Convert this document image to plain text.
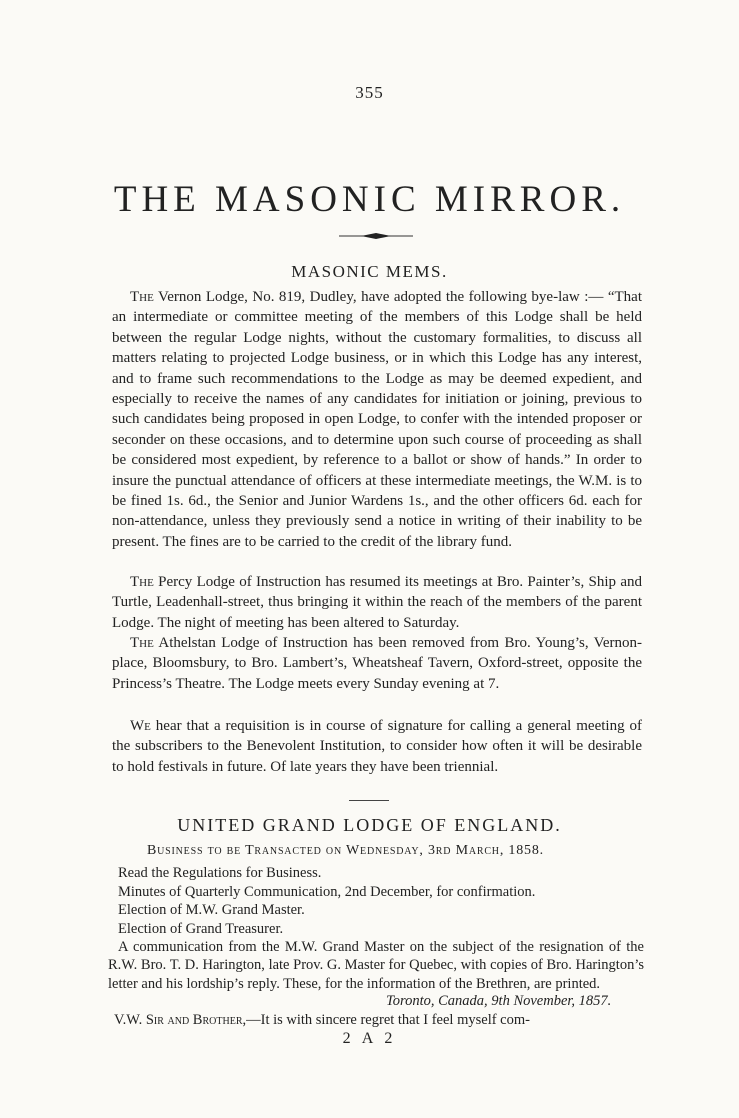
355
THE MASONIC MIRROR.
MASONIC MEMS.
The Vernon Lodge, No. 819, Dudley, have adopted the following bye-law :— “That an intermediate or committee meeting of the members of this Lodge shall be held between the regular Lodge nights, without the customary formalities, to discuss all matters relating to projected Lodge business, or in which this Lodge has any interest, and to frame such recommendations to the Lodge as may be deemed expedient, and especially to receive the names of any candidates for initiation or joining, previous to such candidates being proposed in open Lodge, to confer with the intended proposer or seconder on these occasions, and to determine upon such course of proceeding as shall be considered most expedient, by reference to a ballot or show of hands.” In order to insure the punctual attendance of officers at these intermediate meetings, the W.M. is to be fined 1s. 6d., the Senior and Junior Wardens 1s., and the other officers 6d. each for non-attendance, unless they previously send a notice in writing of their inability to be present. The fines are to be carried to the credit of the library fund.
The Percy Lodge of Instruction has resumed its meetings at Bro. Painter’s, Ship and Turtle, Leadenhall-street, thus bringing it within the reach of the members of the parent Lodge. The night of meeting has been altered to Saturday.
The Athelstan Lodge of Instruction has been removed from Bro. Young’s, Vernon-place, Bloomsbury, to Bro. Lambert’s, Wheatsheaf Tavern, Oxford-street, opposite the Princess’s Theatre. The Lodge meets every Sunday evening at 7.
We hear that a requisition is in course of signature for calling a general meeting of the subscribers to the Benevolent Institution, to consider how often it will be desirable to hold festivals in future. Of late years they have been triennial.
UNITED GRAND LODGE OF ENGLAND.
Business to be Transacted on Wednesday, 3rd March, 1858.
Read the Regulations for Business.
Minutes of Quarterly Communication, 2nd December, for confirmation.
Election of M.W. Grand Master.
Election of Grand Treasurer.
A communication from the M.W. Grand Master on the subject of the resignation of the R.W. Bro. T. D. Harington, late Prov. G. Master for Quebec, with copies of Bro. Harington’s letter and his lordship’s reply. These, for the information of the Brethren, are printed.
Toronto, Canada, 9th November, 1857.
V.W. Sir and Brother,—It is with sincere regret that I feel myself com-
2 A 2
